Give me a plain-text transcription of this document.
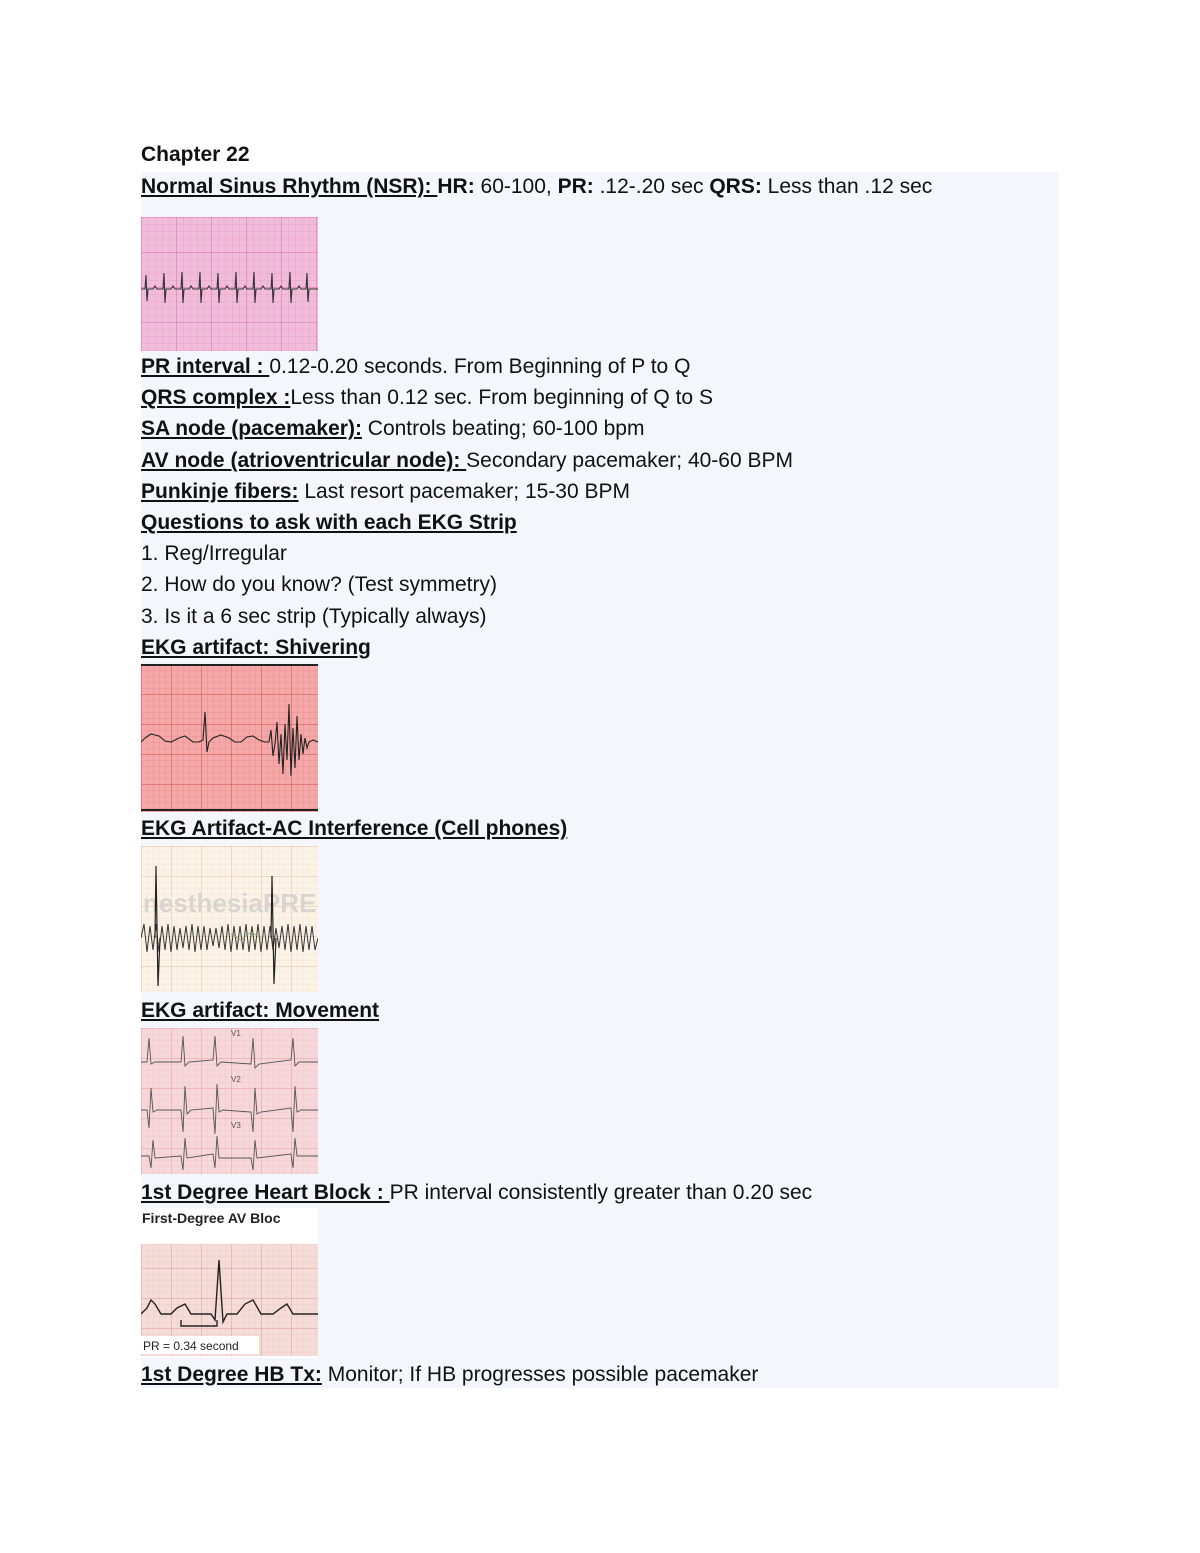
Chapter 22
Normal Sinus Rhythm (NSR): HR: 60-100, PR: .12-.20 sec QRS: Less than .12 sec
PR interval : 0.12-0.20 seconds. From Beginning of P to Q
QRS complex :Less than 0.12 sec. From beginning of Q to S
SA node (pacemaker): Controls beating; 60-100 bpm
AV node (atrioventricular node): Secondary pacemaker; 40-60 BPM
Punkinje fibers: Last resort pacemaker; 15-30 BPM
Questions to ask with each EKG Strip
1. Reg/Irregular
2. How do you know? (Test symmetry)
3. Is it a 6 sec strip (Typically always)
EKG artifact: Shivering
EKG Artifact-AC Interference (Cell phones)
nesthesiaPRE
EKG artifact: Movement
V1
V2
V3
1st Degree Heart Block : PR interval consistently greater than 0.20 sec
First-Degree AV Bloc
PR = 0.34 second
1st Degree HB Tx: Monitor; If HB progresses possible pacemaker
